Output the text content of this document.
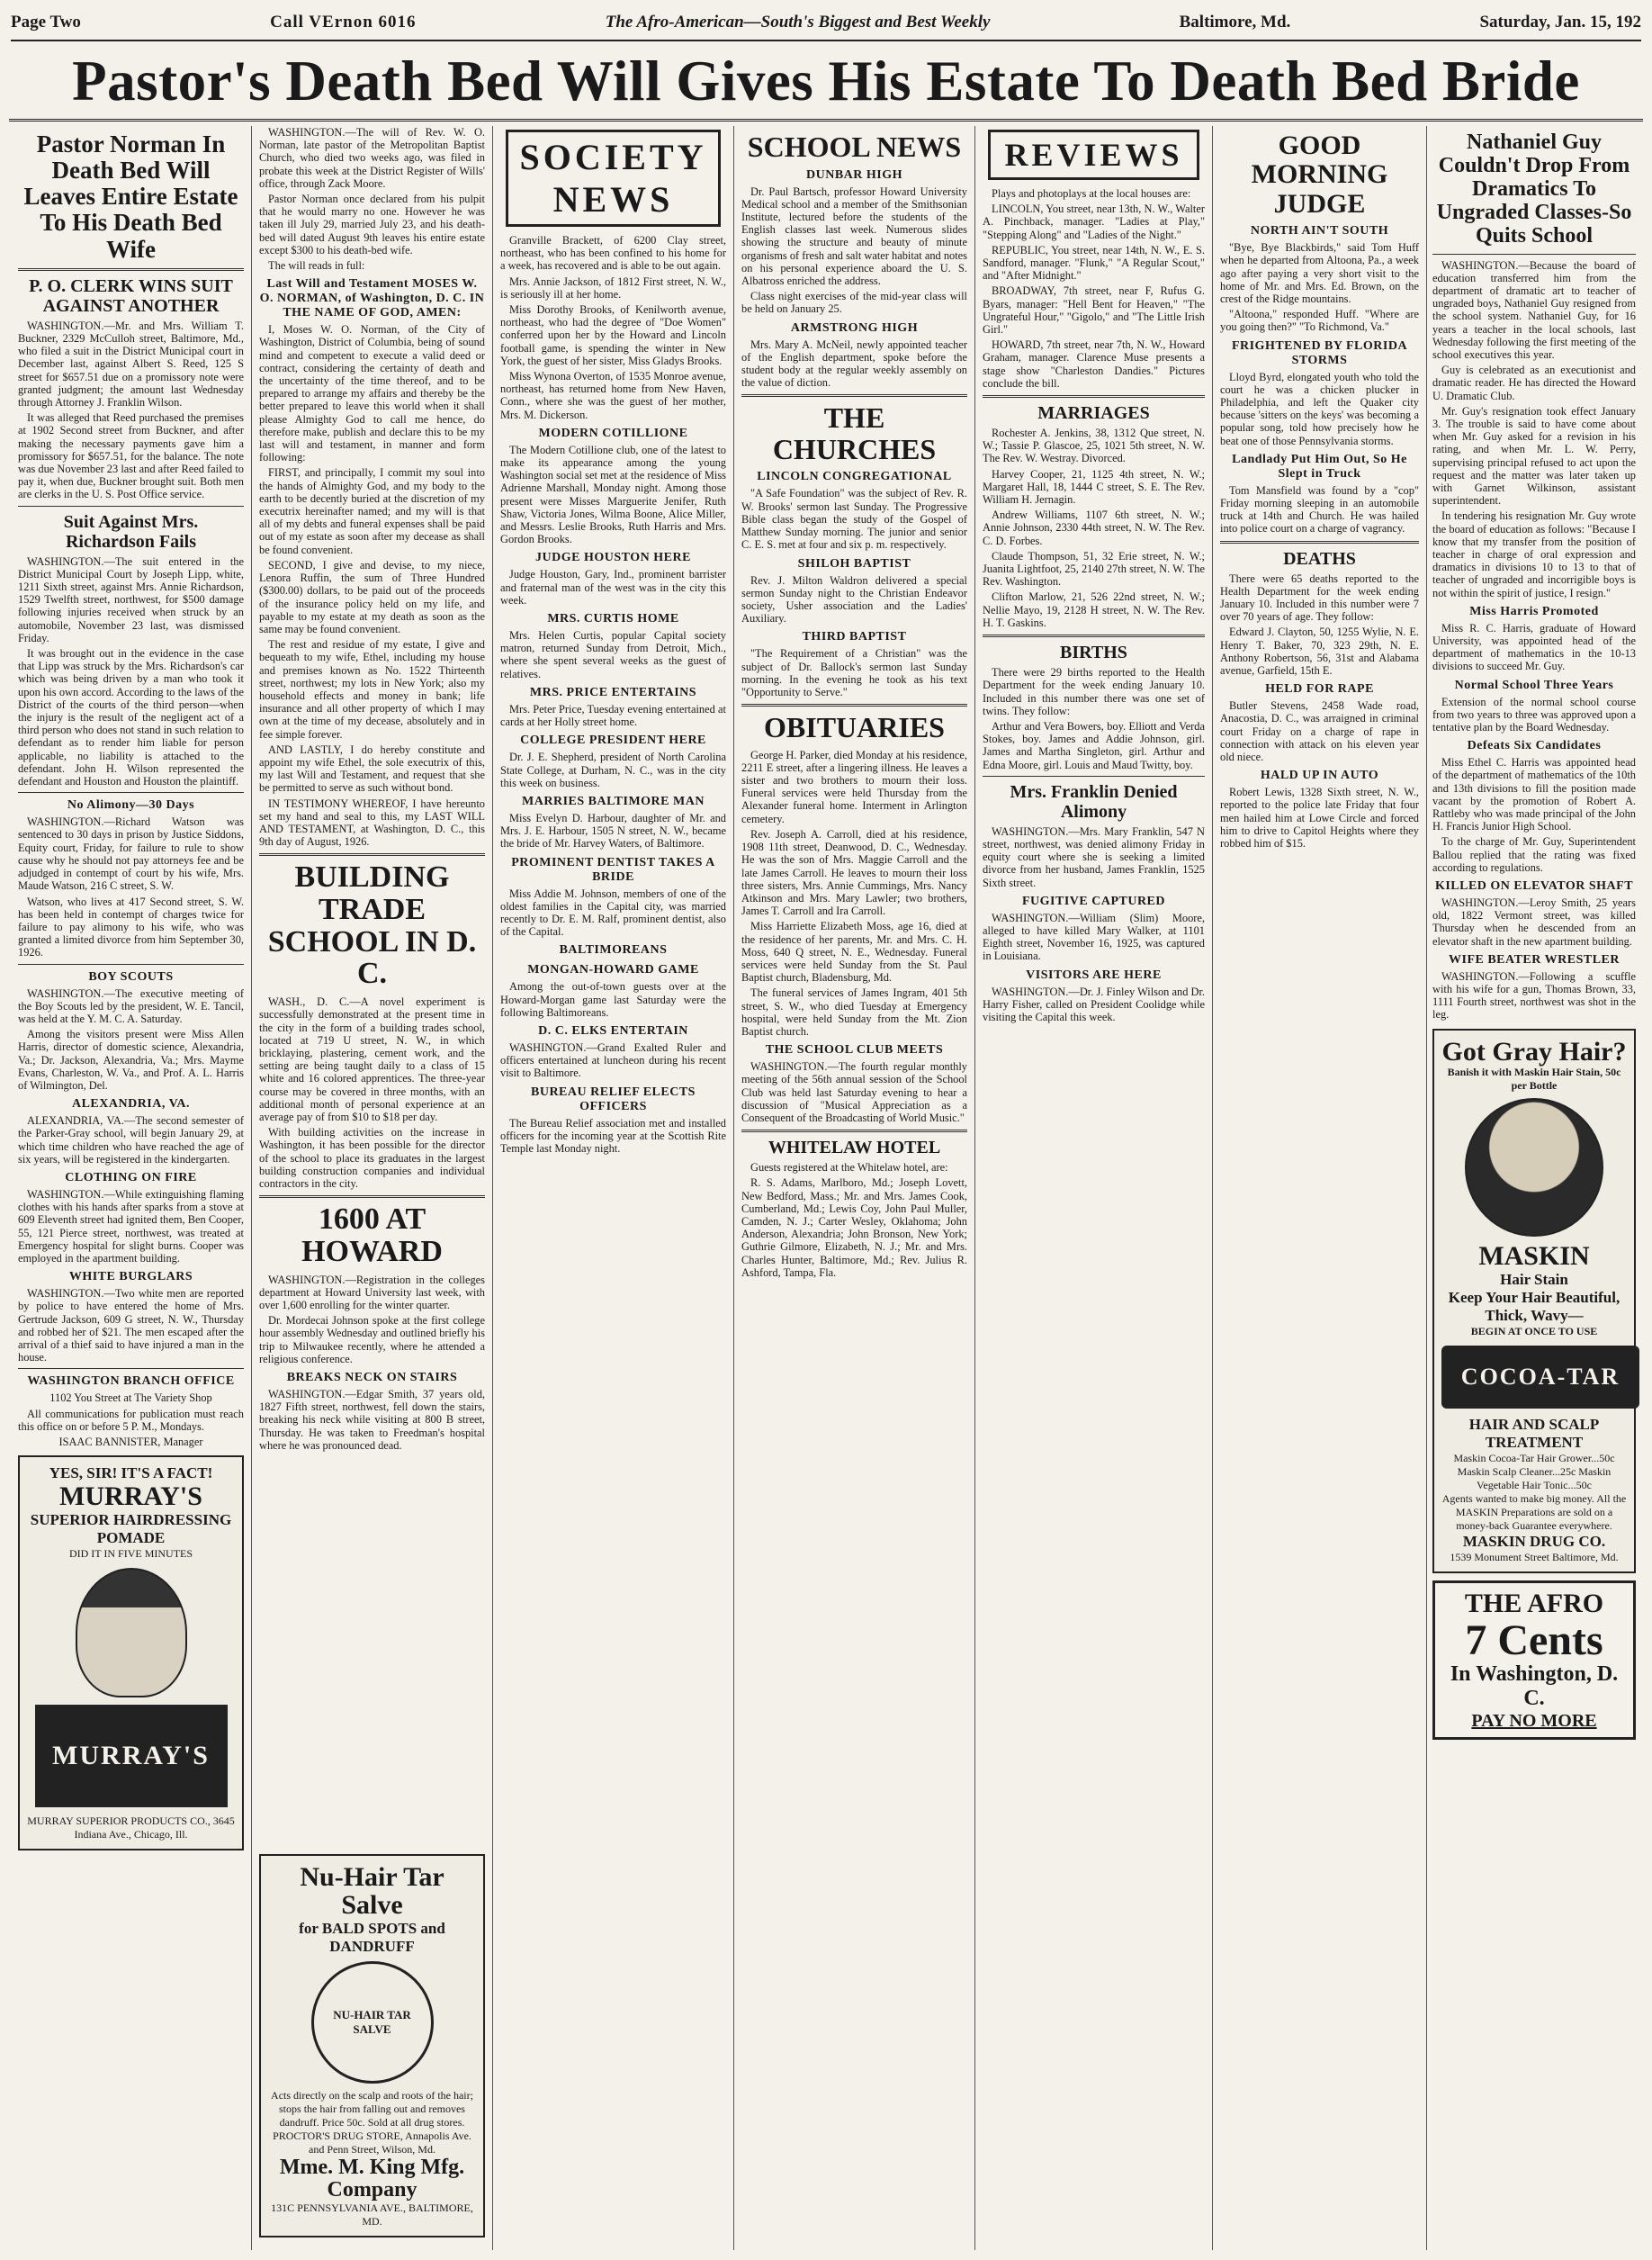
Page Two	Call VErnon 6016	The Afro-American—South's Biggest and Best Weekly	Baltimore, Md.	Saturday, Jan. 15, 192
Pastor's Death Bed Will Gives His Estate To Death Bed Bride
Pastor Norman In Death Bed Will Leaves Entire Estate To His Death Bed Wife
P. O. CLERK WINS SUIT AGAINST ANOTHER

WASHINGTON.—Mr. and Mrs. William T. Buckner, 2329 McCulloh street, Baltimore, Md., who filed a suit in the District Municipal court in December last, against Albert S. Reed, 125 S street for $657.51 due on a promissory note were granted judgment; the amount last Wednesday through Attorney J. Franklin Wilson.

It was alleged that Reed purchased the premises at 1902 Second street from Buckner, and after making the necessary payments gave him a promissory for $657.51, for the balance. The note was due November 23 last and after Reed failed to pay it, when due, Buckner brought suit. Both men are clerks in the U. S. Post Office service.

Suit Against Mrs. Richardson Fails

WASHINGTON.—The suit entered in the District Municipal Court by Joseph Lipp, white, 1211 Sixth street, against Mrs. Annie Richardson, 1529 Twelfth street, northwest, for $500 damage following injuries received when struck by an automobile, November 23 last, was dismissed Friday.

It was brought out in the evidence in the case that Lipp was struck by the Mrs. Richardson's car which was being driven by a man who took it upon his own accord. According to the laws of the District of the courts of the third person—when the injury is the result of the negligent act of a third person who does not stand in such relation to defendant as to render him liable for person applicable, no liability is attached to the defendant. John H. Wilson represented the defendant and Houston and Houston the plaintiff.

No Alimony—30 Days

WASHINGTON.—Richard Watson was sentenced to 30 days in prison by Justice Siddons, Equity court, Friday, for failure to rule to show cause why he should not pay attorneys fee and be adjudged in contempt of court by his wife, Mrs. Maude Watson, 216 C street, S. W.

Watson, who lives at 417 Second street, S. W. has been held in contempt of charges twice for failure to pay alimony to his wife, who was granted a limited divorce from him September 30, 1926.

BOY SCOUTS

WASHINGTON.—The executive meeting of the Boy Scouts led by the president, W. E. Tancil, was held at the Y. M. C. A. Saturday.

Among the visitors present were Miss Allen Harris, director of domestic science, Alexandria, Va.; Dr. Jackson, Alexandria, Va.; Mrs. Mayme Evans, Charleston, W. Va., and Prof. A. L. Harris of Wilmington, Del.

ALEXANDRIA, VA.

ALEXANDRIA, VA.—The second semester of the Parker-Gray school, will begin January 29, at which time children who have reached the age of six years, will be registered in the kindergarten.

CLOTHING ON FIRE

WASHINGTON.—While extinguishing flaming clothes with his hands after sparks from a stove at 609 Eleventh street had ignited them, Ben Cooper, 55, 121 Pierce street, northwest, was treated at Emergency hospital for slight burns. Cooper was employed in the apartment building.

WHITE BURGLARS

WASHINGTON.—Two white men are reported by police to have entered the home of Mrs. Gertrude Jackson, 609 G street, N. W., Thursday and robbed her of $21. The men escaped after the arrival of a thief said to have injured a man in the house.

WASHINGTON BRANCH OFFICE

1102 You Street at The Variety Shop

All communications for publication must reach this office on or before 5 P. M., Mondays.

ISAAC BANNISTER, Manager

YES, SIR! IT'S A FACT!
MURRAY'S
SUPERIOR HAIRDRESSING POMADE
DID IT IN FIVE MINUTES
MURRAY'S
MURRAY SUPERIOR PRODUCTS CO., 3645 Indiana Ave., Chicago, Ill.

WASHINGTON.—The will of Rev. W. O. Norman, late pastor of the Metropolitan Baptist Church, who died two weeks ago, was filed in probate this week at the District Register of Wills' office, through Zack Moore.

Pastor Norman once declared from his pulpit that he would marry no one. However he was taken ill July 29, married July 23, and his death-bed will dated August 9th leaves his entire estate except $300 to his death-bed wife.

The will reads in full:

Last Will and Testament MOSES W. O. NORMAN, of Washington, D. C. IN THE NAME OF GOD, AMEN:

I, Moses W. O. Norman, of the City of Washington, District of Columbia, being of sound mind and competent to execute a valid deed or contract, considering the certainty of death and the uncertainty of the time thereof, and to be prepared to arrange my affairs and thereby be the better prepared to leave this world when it shall please Almighty God to call me hence, do therefore make, publish and declare this to be my last will and testament, in manner and form following:

FIRST, and principally, I commit my soul into the hands of Almighty God, and my body to the earth to be decently buried at the discretion of my executrix hereinafter named; and my will is that all of my debts and funeral expenses shall be paid out of my estate as soon after my decease as shall be found convenient.

SECOND, I give and devise, to my niece, Lenora Ruffin, the sum of Three Hundred ($300.00) dollars, to be paid out of the proceeds of the insurance policy held on my life, and payable to my estate at my death as soon as the same may be found convenient.

The rest and residue of my estate, I give and bequeath to my wife, Ethel, including my house and premises known as No. 1522 Thirteenth street, northwest; my lots in New York; also my household effects and money in bank; life insurance and all other property of which I may own at the time of my decease, absolutely and in fee simple forever.

AND LASTLY, I do hereby constitute and appoint my wife Ethel, the sole executrix of this, my last Will and Testament, and request that she be permitted to serve as such without bond.

IN TESTIMONY WHEREOF, I have hereunto set my hand and seal to this, my LAST WILL AND TESTAMENT, at Washington, D. C., this 9th day of August, 1926.

BUILDING TRADE SCHOOL IN D. C.

WASH., D. C.—A novel experiment is successfully demonstrated at the present time in the city in the form of a building trades school, located at 719 U street, N. W., in which bricklaying, plastering, cement work, and the setting are being taught daily to a class of 15 white and 16 colored apprentices. The three-year course may be covered in three months, with an additional month of personal experience at an average pay of from $10 to $18 per day.

With building activities on the increase in Washington, it has been possible for the director of the school to place its graduates in the largest building construction companies and individual contractors in the city.

1600 AT HOWARD

WASHINGTON.—Registration in the colleges department at Howard University last week, with over 1,600 enrolling for the winter quarter.

Dr. Mordecai Johnson spoke at the first college hour assembly Wednesday and outlined briefly his trip to Milwaukee recently, where he attended a religious conference.

BREAKS NECK ON STAIRS

WASHINGTON.—Edgar Smith, 37 years old, 1827 Fifth street, northwest, fell down the stairs, breaking his neck while visiting at 800 B street, Thursday. He was taken to Freedman's hospital where he was pronounced dead.

Nu-Hair Tar Salve
for BALD SPOTS and DANDRUFF
NU-HAIR TAR SALVE
Acts directly on the scalp and roots of the hair; stops the hair from falling out and removes dandruff. Price 50c. Sold at all drug stores.
PROCTOR'S DRUG STORE, Annapolis Ave. and Penn Street, Wilson, Md.
Mme. M. King Mfg. Company
131C PENNSYLVANIA AVE., BALTIMORE, MD.
SOCIETY NEWS

Granville Brackett, of 6200 Clay street, northeast, who has been confined to his home for a week, has recovered and is able to be out again.

Mrs. Annie Jackson, of 1812 First street, N. W., is seriously ill at her home.

Miss Dorothy Brooks, of Kenilworth avenue, northeast, who had the degree of "Doe Women" conferred upon her by the Howard and Lincoln football game, is spending the winter in New York, the guest of her sister, Miss Gladys Brooks.

Miss Wynona Overton, of 1535 Monroe avenue, northeast, has returned home from New Haven, Conn., where she was the guest of her mother, Mrs. M. Dickerson.

MODERN COTILLIONE

The Modern Cotillione club, one of the latest to make its appearance among the young Washington social set met at the residence of Miss Adrienne Marshall, Monday night. Among those present were Misses Marguerite Jenifer, Ruth Shaw, Victoria Jones, Wilma Boone, Alice Miller, and Messrs. Leslie Brooks, Ruth Harris and Mrs. Gordon Brooks.

JUDGE HOUSTON HERE

Judge Houston, Gary, Ind., prominent barrister and fraternal man of the west was in the city this week.

MRS. CURTIS HOME

Mrs. Helen Curtis, popular Capital society matron, returned Sunday from Detroit, Mich., where she spent several weeks as the guest of relatives.

MRS. PRICE ENTERTAINS

Mrs. Peter Price, Tuesday evening entertained at cards at her Holly street home.

COLLEGE PRESIDENT HERE

Dr. J. E. Shepherd, president of North Carolina State College, at Durham, N. C., was in the city this week on business.

MARRIES BALTIMORE MAN

Miss Evelyn D. Harbour, daughter of Mr. and Mrs. J. E. Harbour, 1505 N street, N. W., became the bride of Mr. Harvey Waters, of Baltimore.

PROMINENT DENTIST TAKES A BRIDE

Miss Addie M. Johnson, members of one of the oldest families in the Capital city, was married recently to Dr. E. M. Ralf, prominent dentist, also of the Capital.

BALTIMOREANS
MONGAN-HOWARD GAME

Among the out-of-town guests over at the Howard-Morgan game last Saturday were the following Baltimoreans.

D. C. ELKS ENTERTAIN

WASHINGTON.—Grand Exalted Ruler and officers entertained at luncheon during his recent visit to Baltimore.

BUREAU RELIEF ELECTS OFFICERS

The Bureau Relief association met and installed officers for the incoming year at the Scottish Rite Temple last Monday night.

SCHOOL NEWS
DUNBAR HIGH

Dr. Paul Bartsch, professor Howard University Medical school and a member of the Smithsonian Institute, lectured before the students of the English classes last week. Numerous slides showing the structure and beauty of minute organisms of fresh and salt water habitat and notes on his personal experience aboard the U. S. Albatross enriched the address.

Class night exercises of the mid-year class will be held on January 25.

ARMSTRONG HIGH

Mrs. Mary A. McNeil, newly appointed teacher of the English department, spoke before the student body at the regular weekly assembly on the value of diction.

THE CHURCHES
LINCOLN CONGREGATIONAL

"A Safe Foundation" was the subject of Rev. R. W. Brooks' sermon last Sunday. The Progressive Bible class began the study of the Gospel of Matthew Sunday morning. The junior and senior C. E. S. met at four and six p. m. respectively.

SHILOH BAPTIST

Rev. J. Milton Waldron delivered a special sermon Sunday night to the Christian Endeavor society, Usher association and the Ladies' Auxiliary.

THIRD BAPTIST

"The Requirement of a Christian" was the subject of Dr. Ballock's sermon last Sunday morning. In the evening he took as his text "Opportunity to Serve."

OBITUARIES

George H. Parker, died Monday at his residence, 2211 E street, after a lingering illness. He leaves a sister and two brothers to mourn their loss. Funeral services were held Thursday from the Alexander funeral home. Interment in Arlington cemetery.

Rev. Joseph A. Carroll, died at his residence, 1908 11th street, Deanwood, D. C., Wednesday. He was the son of Mrs. Maggie Carroll and the late James Carroll. He leaves to mourn their loss three sisters, Mrs. Annie Cummings, Mrs. Nancy Atkinson and Mrs. Mary Lawler; two brothers, James T. Carroll and Ira Carroll.

Miss Harriette Elizabeth Moss, age 16, died at the residence of her parents, Mr. and Mrs. C. H. Moss, 640 Q street, N. E., Wednesday. Funeral services were held Sunday from the St. Paul Baptist church, Bladensburg, Md.

The funeral services of James Ingram, 401 5th street, S. W., who died Tuesday at Emergency hospital, were held Sunday from the Mt. Zion Baptist church.

THE SCHOOL CLUB MEETS

WASHINGTON.—The fourth regular monthly meeting of the 56th annual session of the School Club was held last Saturday evening to hear a discussion of "Musical Appreciation as a Consequent of the Broadcasting of World Music."

WHITELAW HOTEL

Guests registered at the Whitelaw hotel, are:

R. S. Adams, Marlboro, Md.; Joseph Lovett, New Bedford, Mass.; Mr. and Mrs. James Cook, Cumberland, Md.; Lewis Coy, John Paul Muller, Camden, N. J.; Carter Wesley, Oklahoma; John Anderson, Alexandria; John Bronson, New York; Guthrie Gilmore, Elizabeth, N. J.; Mr. and Mrs. Charles Hunter, Baltimore, Md.; Rev. Julius R. Ashford, Tampa, Fla.

REVIEWS

Plays and photoplays at the local houses are:

LINCOLN, You street, near 13th, N. W., Walter A. Pinchback, manager. "Ladies at Play," "Stepping Along" and "Ladies of the Night."

REPUBLIC, You street, near 14th, N. W., E. S. Sandford, manager. "Flunk," "A Regular Scout," and "After Midnight."

BROADWAY, 7th street, near F, Rufus G. Byars, manager: "Hell Bent for Heaven," "The Ungrateful Hour," "Gigolo," and "The Little Irish Girl."

HOWARD, 7th street, near 7th, N. W., Howard Graham, manager. Clarence Muse presents a stage show "Charleston Dandies." Pictures conclude the bill.

MARRIAGES

Rochester A. Jenkins, 38, 1312 Que street, N. W.; Tassie P. Glascoe, 25, 1021 5th street, N. W. The Rev. W. Westray. Divorced.

Harvey Cooper, 21, 1125 4th street, N. W.; Margaret Hall, 18, 1444 C street, S. E. The Rev. William H. Jernagin.

Andrew Williams, 1107 6th street, N. W.; Annie Johnson, 2330 44th street, N. W. The Rev. C. D. Forbes.

Claude Thompson, 51, 32 Erie street, N. W.; Juanita Lightfoot, 25, 2140 27th street, N. W. The Rev. Washington.

Clifton Marlow, 21, 526 22nd street, N. W.; Nellie Mayo, 19, 2128 H street, N. W. The Rev. H. T. Gaskins.

BIRTHS

There were 29 births reported to the Health Department for the week ending January 10. Included in this number there was one set of twins. They follow:

Arthur and Vera Bowers, boy. Elliott and Verda Stokes, boy. James and Addie Johnson, girl. James and Martha Singleton, girl. Arthur and Edna Moore, girl. Louis and Maud Twitty, boy.

Mrs. Franklin Denied Alimony

WASHINGTON.—Mrs. Mary Franklin, 547 N street, northwest, was denied alimony Friday in equity court where she is seeking a limited divorce from her husband, James Franklin, 1525 Sixth street.

FUGITIVE CAPTURED

WASHINGTON.—William (Slim) Moore, alleged to have killed Mary Walker, at 1101 Eighth street, November 16, 1925, was captured in Louisiana.

VISITORS ARE HERE

WASHINGTON.—Dr. J. Finley Wilson and Dr. Harry Fisher, called on President Coolidge while visiting the Capital this week.

GOOD MORNING JUDGE
NORTH AIN'T SOUTH

"Bye, Bye Blackbirds," said Tom Huff when he departed from Altoona, Pa., a week ago after paying a very short visit to the home of Mr. and Mrs. Ed. Brown, on the crest of the Ridge mountains.

"Altoona," responded Huff. "Where are you going then?" "To Richmond, Va."

FRIGHTENED BY FLORIDA STORMS

Lloyd Byrd, elongated youth who told the court he was a chicken plucker in Philadelphia, and left the Quaker city because 'sitters on the keys' was becoming a popular song, told how precisely how he beat one of those Pennsylvania storms.

Landlady Put Him Out, So He Slept in Truck

Tom Mansfield was found by a "cop" Friday morning sleeping in an automobile truck at 14th and Church. He was hailed into police court on a charge of vagrancy.

DEATHS

There were 65 deaths reported to the Health Department for the week ending January 10. Included in this number were 7 over 70 years of age. They follow:

Edward J. Clayton, 50, 1255 Wylie, N. E. Henry T. Baker, 70, 323 29th, N. E. Anthony Robertson, 56, 31st and Alabama avenue, Garfield, 15th E.

HELD FOR RAPE

Butler Stevens, 2458 Wade road, Anacostia, D. C., was arraigned in criminal court Friday on a charge of rape in connection with attack on his eleven year old niece.

HALD UP IN AUTO

Robert Lewis, 1328 Sixth street, N. W., reported to the police late Friday that four men hailed him at Lowe Circle and forced him to drive to Capitol Heights where they robbed him of $15.

Nathaniel Guy Couldn't Drop From Dramatics To Ungraded Classes-So Quits School

WASHINGTON.—Because the board of education transferred him from the department of dramatic art to teacher of ungraded boys, Nathaniel Guy resigned from the school system. Nathaniel Guy, for 16 years a teacher in the local schools, last Wednesday following the first meeting of the school executives this year.

Guy is celebrated as an executionist and dramatic reader. He has directed the Howard U. Dramatic Club.

Mr. Guy's resignation took effect January 3. The trouble is said to have come about when Mr. Guy asked for a revision in his rating, and when Mr. L. W. Perry, supervising principal refused to act upon the request and the matter was later taken up with Garnet Wilkinson, assistant superintendent.

In tendering his resignation Mr. Guy wrote the board of education as follows: "Because I know that my transfer from the position of teacher in charge of oral expression and dramatics in divisions 10 to 13 to that of teacher of ungraded and incorrigible boys is not within the spirit of justice, I resign."

Miss Harris Promoted

Miss R. C. Harris, graduate of Howard University, was appointed head of the department of mathematics in the 10-13 divisions to succeed Mr. Guy.

Normal School Three Years

Extension of the normal school course from two years to three was approved upon a tentative plan by the Board Wednesday.

Defeats Six Candidates

Miss Ethel C. Harris was appointed head of the department of mathematics of the 10th and 13th divisions to fill the position made vacant by the promotion of Robert A. Rattleby who was made principal of the John H. Francis Junior High School.

To the charge of Mr. Guy, Superintendent Ballou replied that the rating was fixed according to regulations.

KILLED ON ELEVATOR SHAFT

WASHINGTON.—Leroy Smith, 25 years old, 1822 Vermont street, was killed Thursday when he descended from an elevator shaft in the new apartment building.

WIFE BEATER WRESTLER

WASHINGTON.—Following a scuffle with his wife for a gun, Thomas Brown, 33, 1111 Fourth street, northwest was shot in the leg.

Got Gray Hair?
Banish it with Maskin Hair Stain, 50c per Bottle
MASKIN
Hair Stain
Keep Your Hair Beautiful, Thick, Wavy—
BEGIN AT ONCE TO USE
COCOA-TAR
HAIR AND SCALP TREATMENT
Maskin Cocoa-Tar Hair Grower...50c Maskin Scalp Cleaner...25c Maskin Vegetable Hair Tonic...50c
Agents wanted to make big money. All the MASKIN Preparations are sold on a money-back Guarantee everywhere.
MASKIN DRUG CO.
1539 Monument Street Baltimore, Md.
THE AFRO
7 Cents
In Washington, D. C.
PAY NO MORE
